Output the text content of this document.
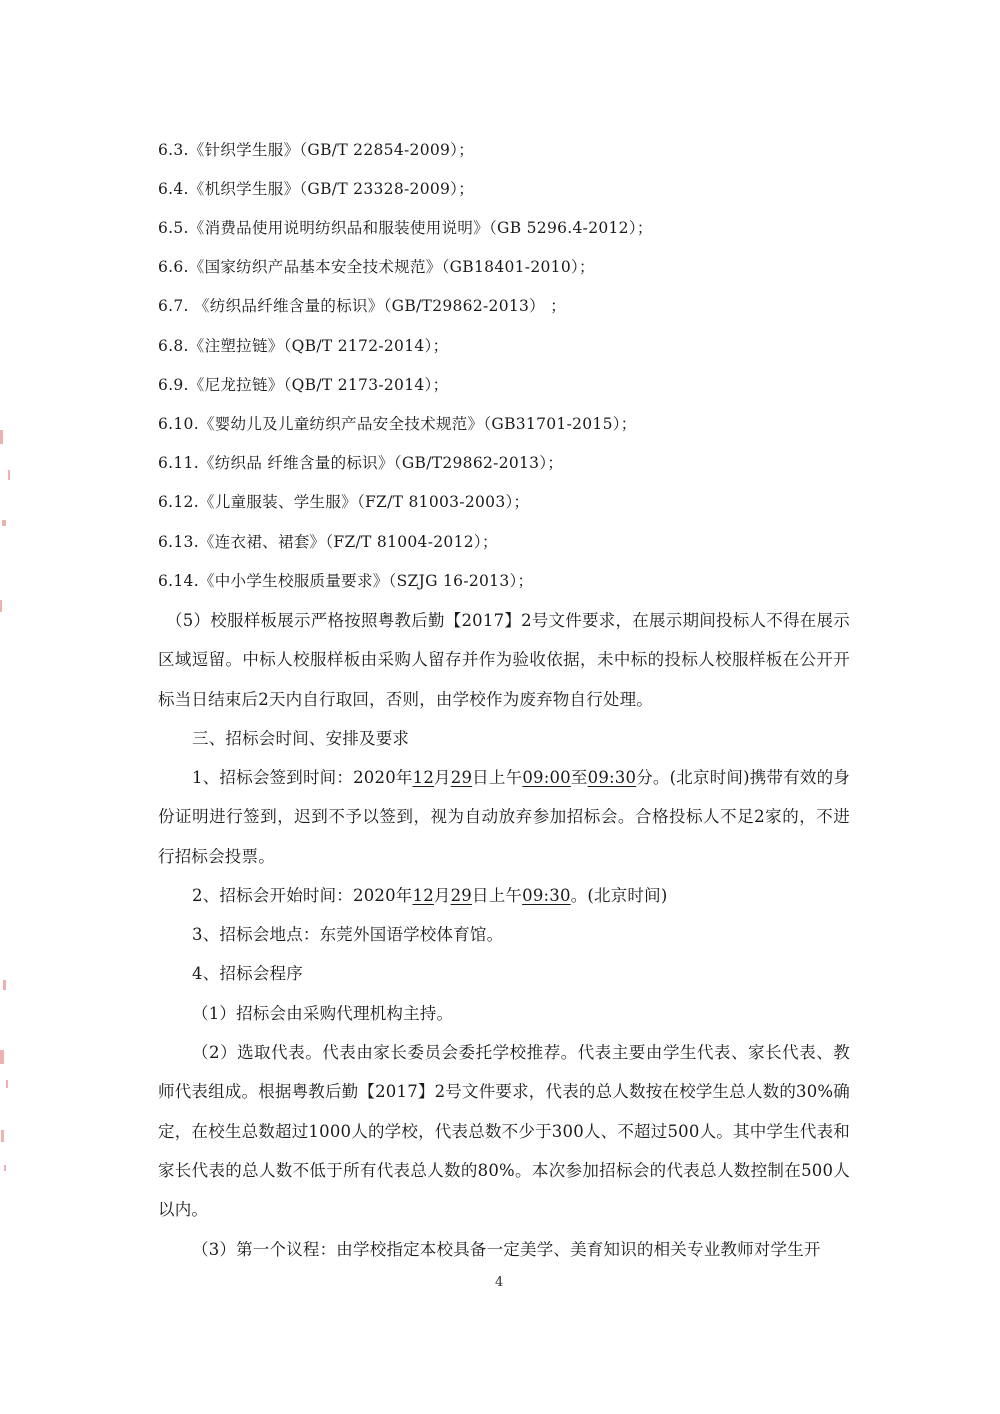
6.3.《针织学生服》（GB/T 22854-2009）；
6.4.《机织学生服》（GB/T 23328-2009）；
6.5.《消费品使用说明纺织品和服装使用说明》（GB 5296.4-2012）；
6.6.《国家纺织产品基本安全技术规范》（GB18401-2010）；
6.7. 《纺织品纤维含量的标识》（GB/T29862-2013） ；
6.8.《注塑拉链》（QB/T 2172-2014）；
6.9.《尼龙拉链》（QB/T 2173-2014）；
6.10.《婴幼儿及儿童纺织产品安全技术规范》（GB31701-2015）；
6.11.《纺织品 纤维含量的标识》（GB/T29862-2013）；
6.12.《儿童服装、学生服》（FZ/T 81003-2003）；
6.13.《连衣裙、裙套》（FZ/T 81004-2012）；
6.14.《中小学生校服质量要求》（SZJG 16-2013）；
（5）校服样板展示严格按照粤教后勤【2017】2号文件要求，在展示期间投标人不得在展示区域逗留。中标人校服样板由采购人留存并作为验收依据，未中标的投标人校服样板在公开开标当日结束后2天内自行取回，否则，由学校作为废弃物自行处理。
三、招标会时间、安排及要求
1、招标会签到时间：2020年12月29日上午09:00至09:30分。(北京时间)携带有效的身份证明进行签到，迟到不予以签到，视为自动放弃参加招标会。合格投标人不足2家的，不进行招标会投票。
2、招标会开始时间：2020年12月29日上午09:30。(北京时间)
3、招标会地点：东莞外国语学校体育馆。
4、招标会程序
（1）招标会由采购代理机构主持。
（2）选取代表。代表由家长委员会委托学校推荐。代表主要由学生代表、家长代表、教师代表组成。根据粤教后勤【2017】2号文件要求，代表的总人数按在校学生总人数的30%确定，在校生总数超过1000人的学校，代表总数不少于300人、不超过500人。其中学生代表和家长代表的总人数不低于所有代表总人数的80%。本次参加招标会的代表总人数控制在500人以内。
（3）第一个议程：由学校指定本校具备一定美学、美育知识的相关专业教师对学生开
4
